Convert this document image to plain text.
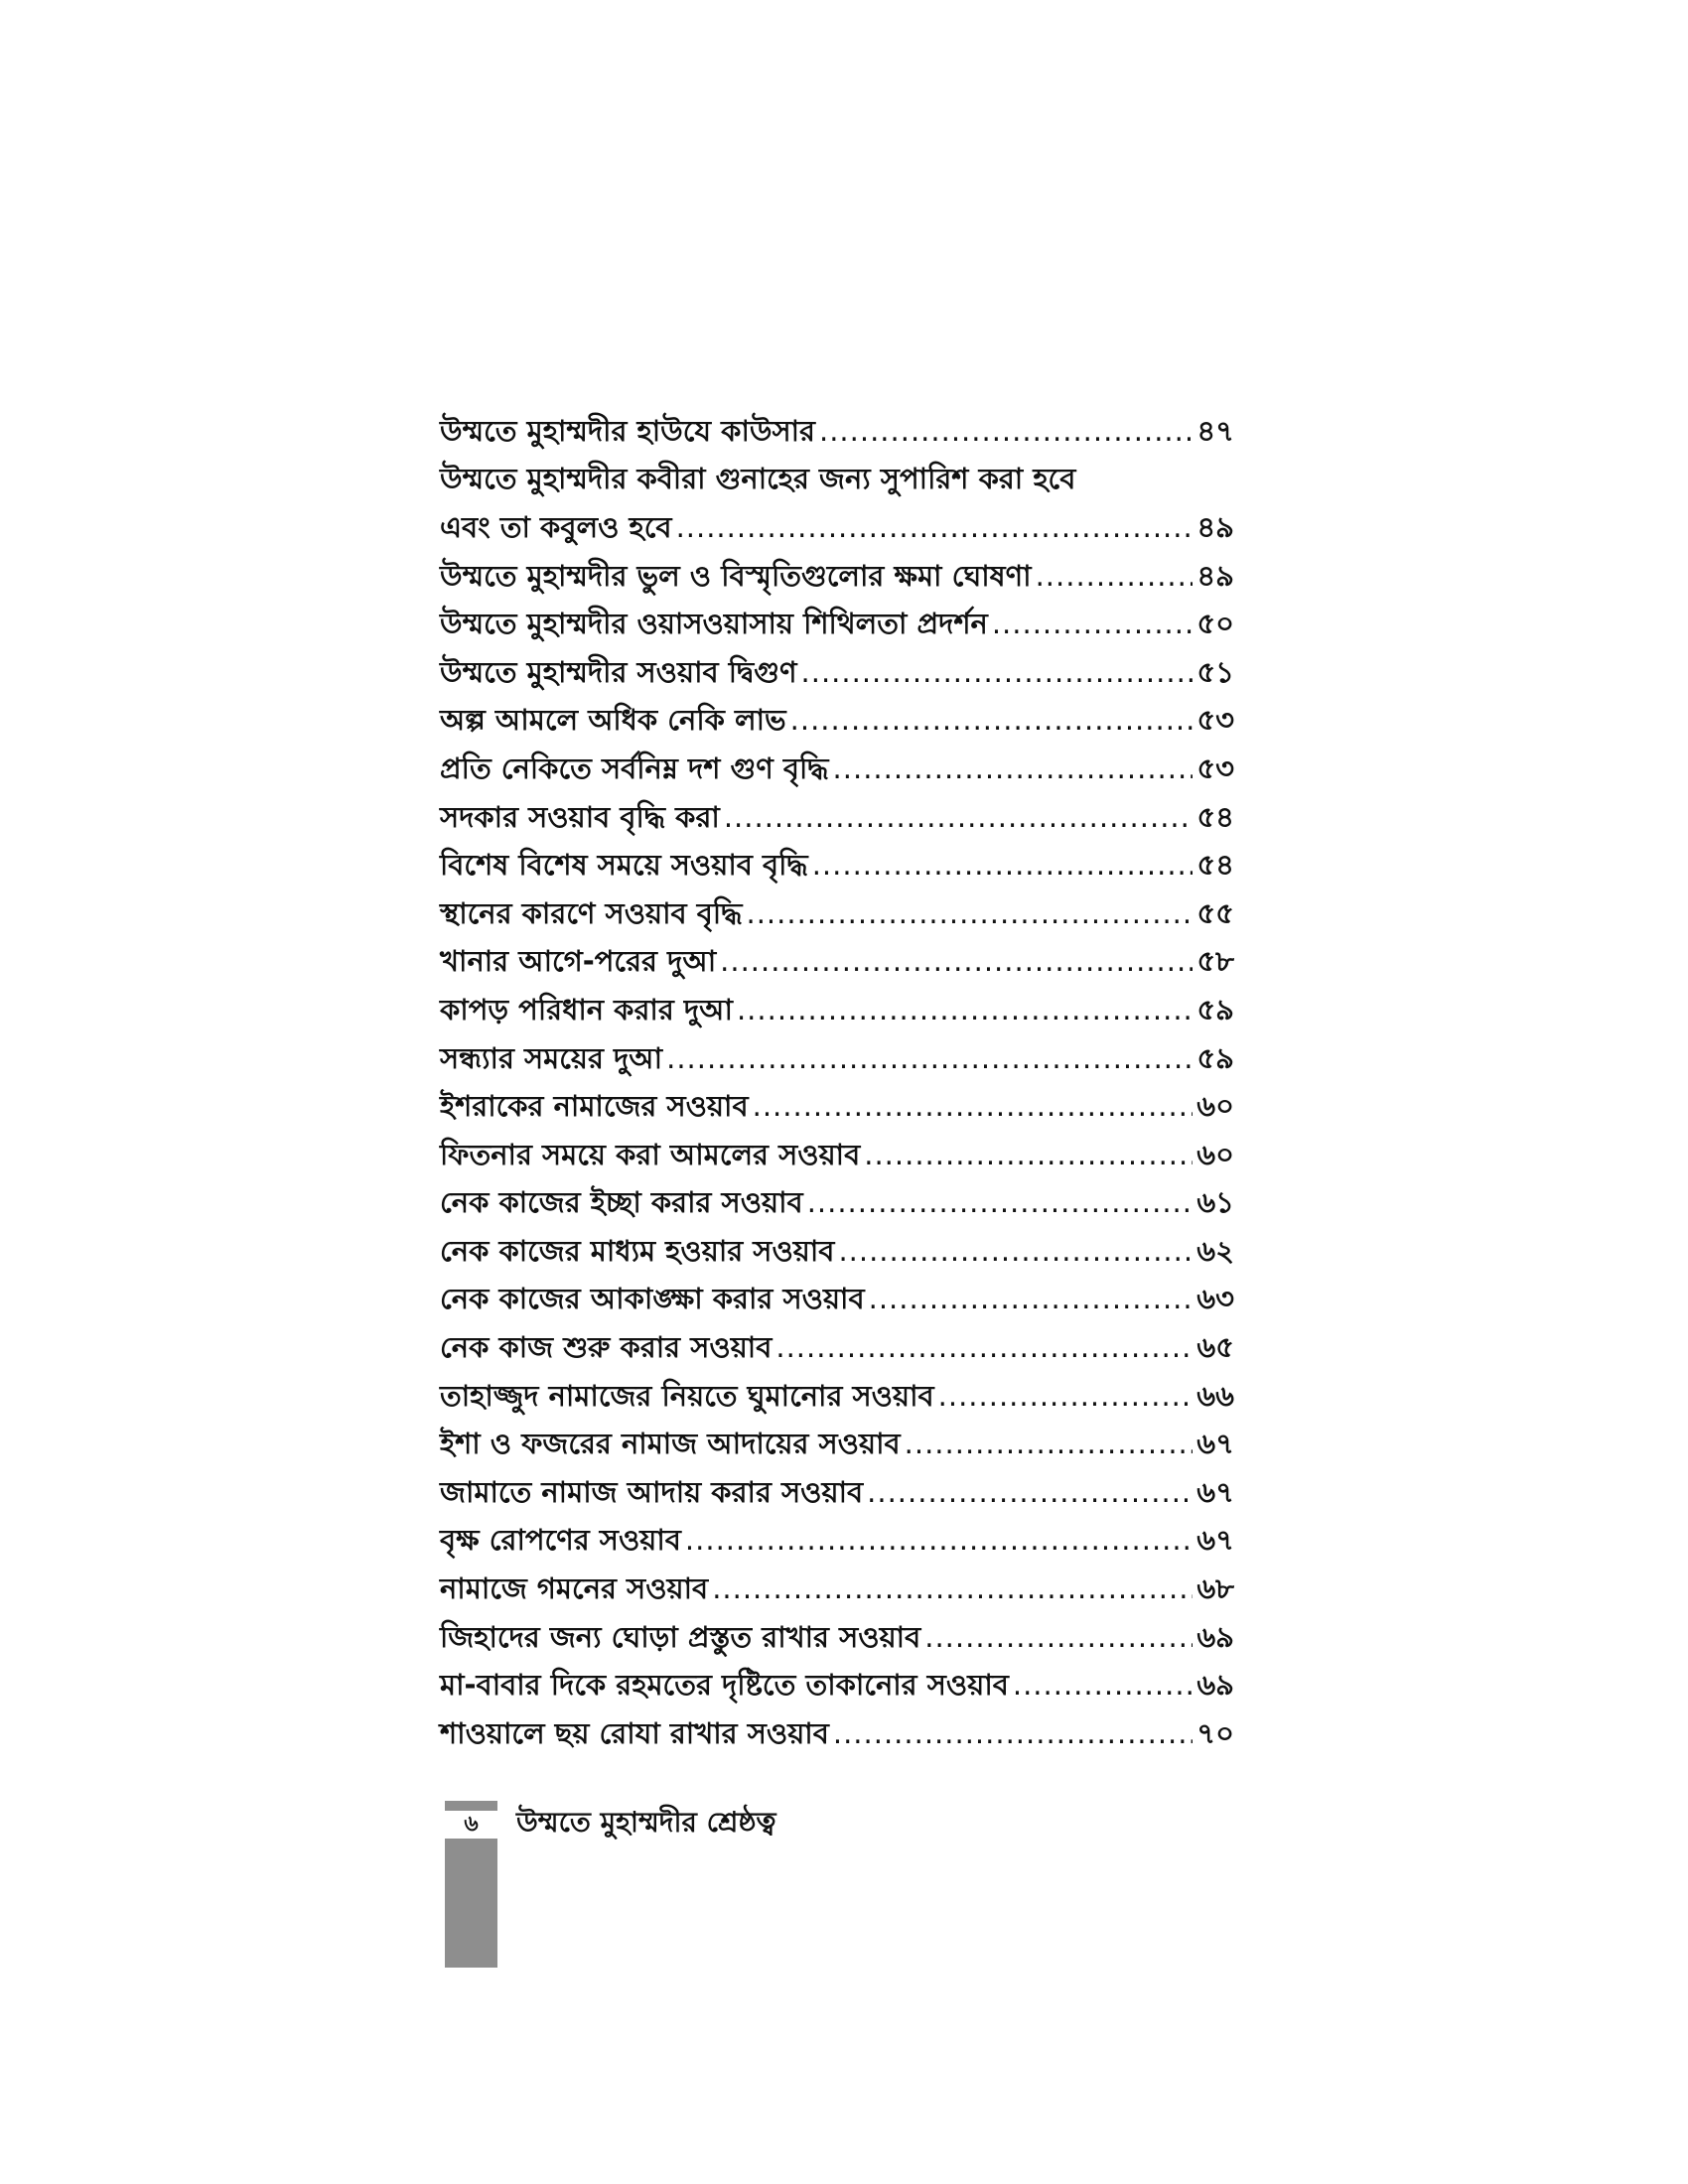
উম্মতে মুহাম্মদীর হাউযে কাউসার .....	৪৭
উম্মতে মুহাম্মদীর কবীরা গুনাহের জন্য সুপারিশ করা হবে
এবং তা কবুলও হবে .....	৪৯
উম্মতে মুহাম্মদীর ভুল ও বিস্মৃতিগুলোর ক্ষমা ঘোষণা .....	৪৯
উম্মতে মুহাম্মদীর ওয়াসওয়াসায় শিথিলতা প্রদর্শন .....	৫০
উম্মতে মুহাম্মদীর সওয়াব দ্বিগুণ .....	৫১
অল্প আমলে অধিক নেকি লাভ .....	৫৩
প্রতি নেকিতে সর্বনিম্ন দশ গুণ বৃদ্ধি .....	৫৩
সদকার সওয়াব বৃদ্ধি করা .....	৫৪
বিশেষ বিশেষ সময়ে সওয়াব বৃদ্ধি .....	৫৪
স্থানের কারণে সওয়াব বৃদ্ধি .....	৫৫
খানার আগে-পরের দুআ .....	৫৮
কাপড় পরিধান করার দুআ .....	৫৯
সন্ধ্যার সময়ের দুআ .....	৫৯
ইশরাকের নামাজের সওয়াব .....	৬০
ফিতনার সময়ে করা আমলের সওয়াব .....	৬০
নেক কাজের ইচ্ছা করার সওয়াব .....	৬১
নেক কাজের মাধ্যম হওয়ার সওয়াব .....	৬২
নেক কাজের আকাঙ্ক্ষা করার সওয়াব .....	৬৩
নেক কাজ শুরু করার সওয়াব .....	৬৫
তাহাজ্জুদ নামাজের নিয়তে ঘুমানোর সওয়াব .....	৬৬
ইশা ও ফজরের নামাজ আদায়ের সওয়াব .....	৬৭
জামাতে নামাজ আদায় করার সওয়াব .....	৬৭
বৃক্ষ রোপণের সওয়াব .....	৬৭
নামাজে গমনের সওয়াব .....	৬৮
জিহাদের জন্য ঘোড়া প্রস্তুত রাখার সওয়াব .....	৬৯
মা-বাবার দিকে রহমতের দৃষ্টিতে তাকানোর সওয়াব .....	৬৯
শাওয়ালে ছয় রোযা রাখার সওয়াব .....	৭০
৬	উম্মতে মুহাম্মদীর শ্রেষ্ঠত্ব
